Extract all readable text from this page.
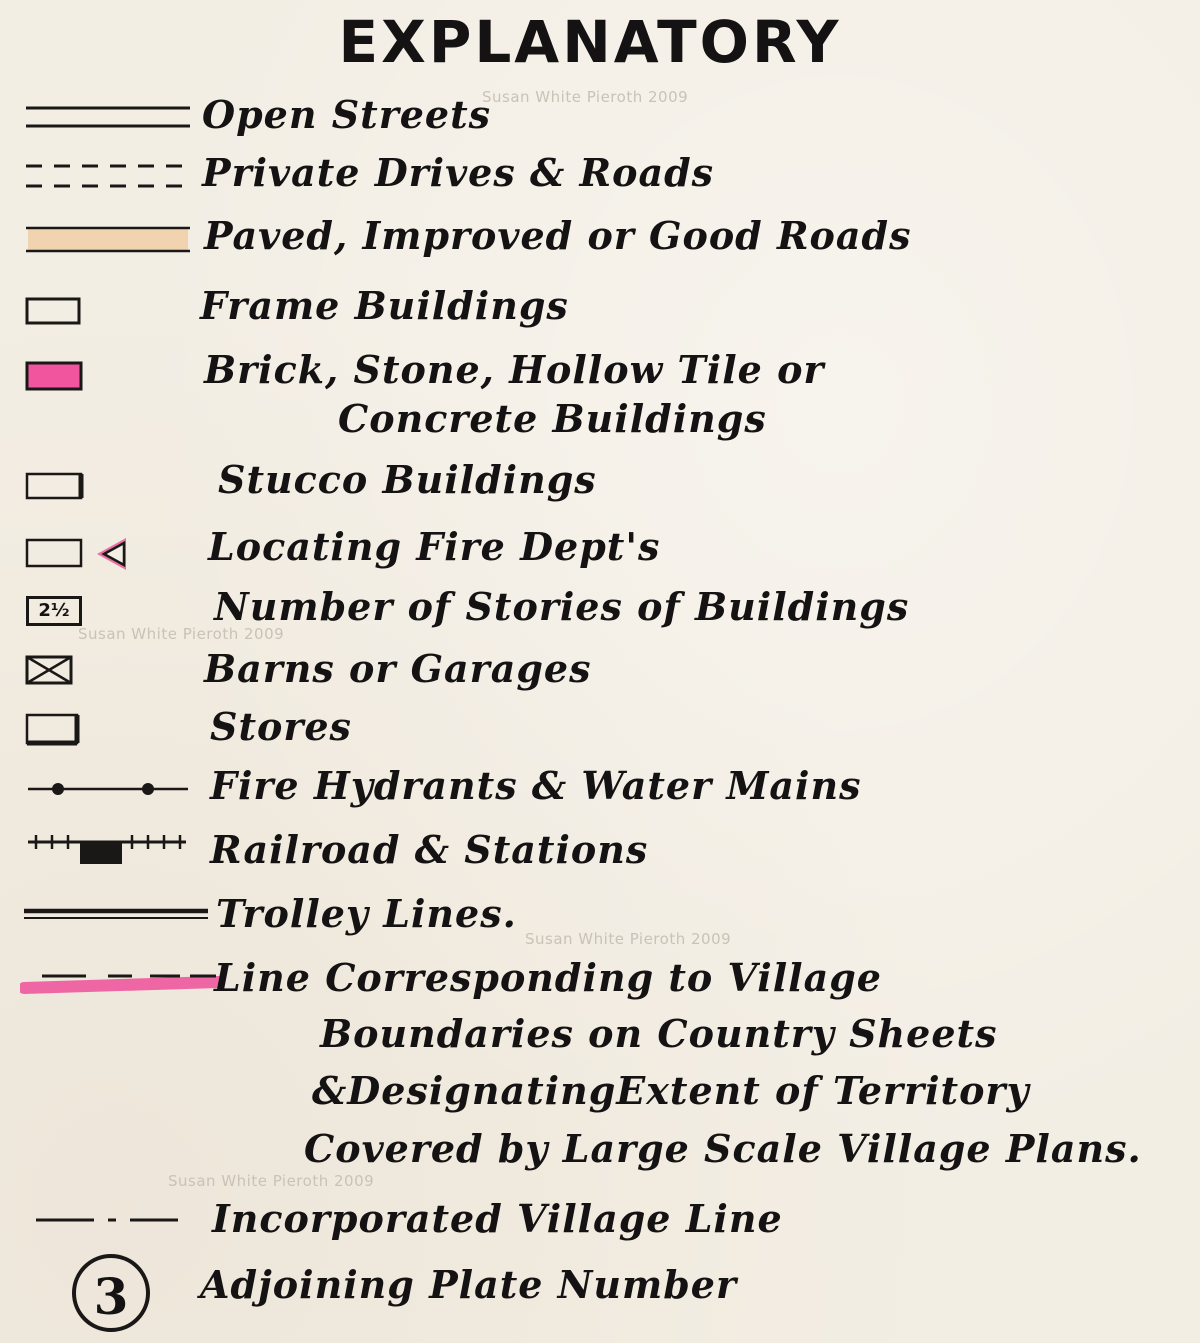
EXPLANATORY
Susan White Pieroth 2009
Susan White Pieroth 2009
Susan White Pieroth 2009
Susan White Pieroth 2009
Open Streets
Private Drives & Roads
Paved, Improved or Good Roads
Frame Buildings
Brick, Stone, Hollow Tile or
Concrete Buildings
Stucco Buildings
Locating Fire Dept's
2½	Number of Stories of Buildings
Barns or Garages
Stores
Fire Hydrants & Water Mains
Railroad & Stations
Trolley Lines.
Line Corresponding to Village
Boundaries on Country Sheets
&DesignatingExtent of Territory
Covered by Large Scale Village Plans.
Incorporated Village Line
3	Adjoining Plate Number
